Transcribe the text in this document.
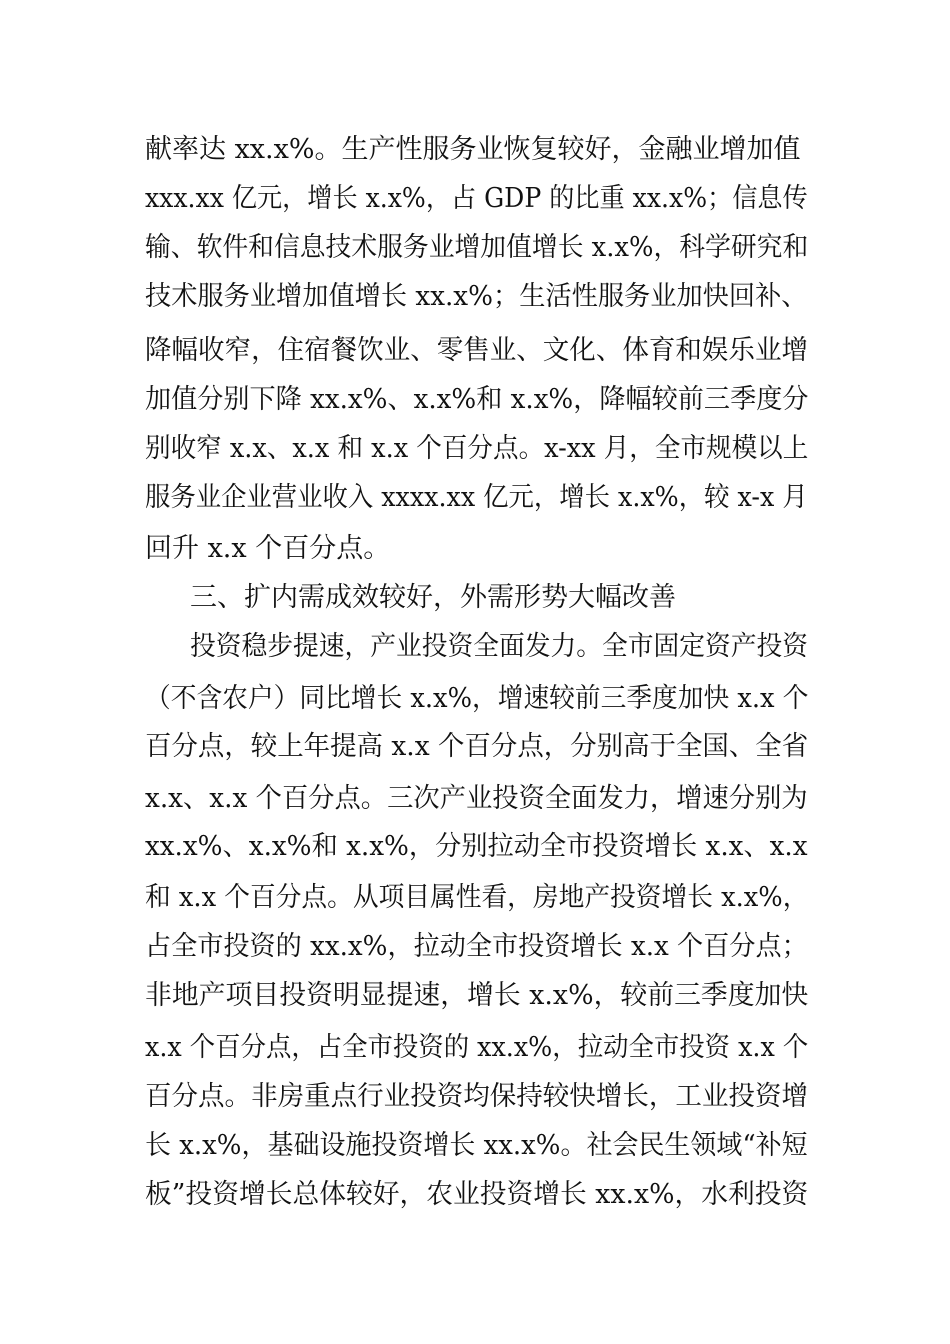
献率达 xx.x%。生产性服务业恢复较好，金融业增加值

xxx.xx 亿元，增长 x.x%，占 GDP 的比重 xx.x%；信息传

输、软件和信息技术服务业增加值增长 x.x%，科学研究和

技术服务业增加值增长 xx.x%；生活性服务业加快回补、

降幅收窄，住宿餐饮业、零售业、文化、体育和娱乐业增

加值分别下降 xx.x%、x.x%和 x.x%，降幅较前三季度分

别收窄 x.x、x.x 和 x.x 个百分点。x-xx 月，全市规模以上

服务业企业营业收入 xxxx.xx 亿元，增长 x.x%，较 x-x 月

回升 x.x 个百分点。

三、扩内需成效较好，外需形势大幅改善

投资稳步提速，产业投资全面发力。全市固定资产投资

（不含农户）同比增长 x.x%，增速较前三季度加快 x.x 个

百分点，较上年提高 x.x 个百分点，分别高于全国、全省

x.x、x.x 个百分点。三次产业投资全面发力，增速分别为

xx.x%、x.x%和 x.x%，分别拉动全市投资增长 x.x、x.x

和 x.x 个百分点。从项目属性看，房地产投资增长 x.x%，

占全市投资的 xx.x%，拉动全市投资增长 x.x 个百分点；

非地产项目投资明显提速，增长 x.x%，较前三季度加快

x.x 个百分点，占全市投资的 xx.x%，拉动全市投资 x.x 个

百分点。非房重点行业投资均保持较快增长，工业投资增

长 x.x%，基础设施投资增长 xx.x%。社会民生领域“补短

板”投资增长总体较好，农业投资增长 xx.x%，水利投资
